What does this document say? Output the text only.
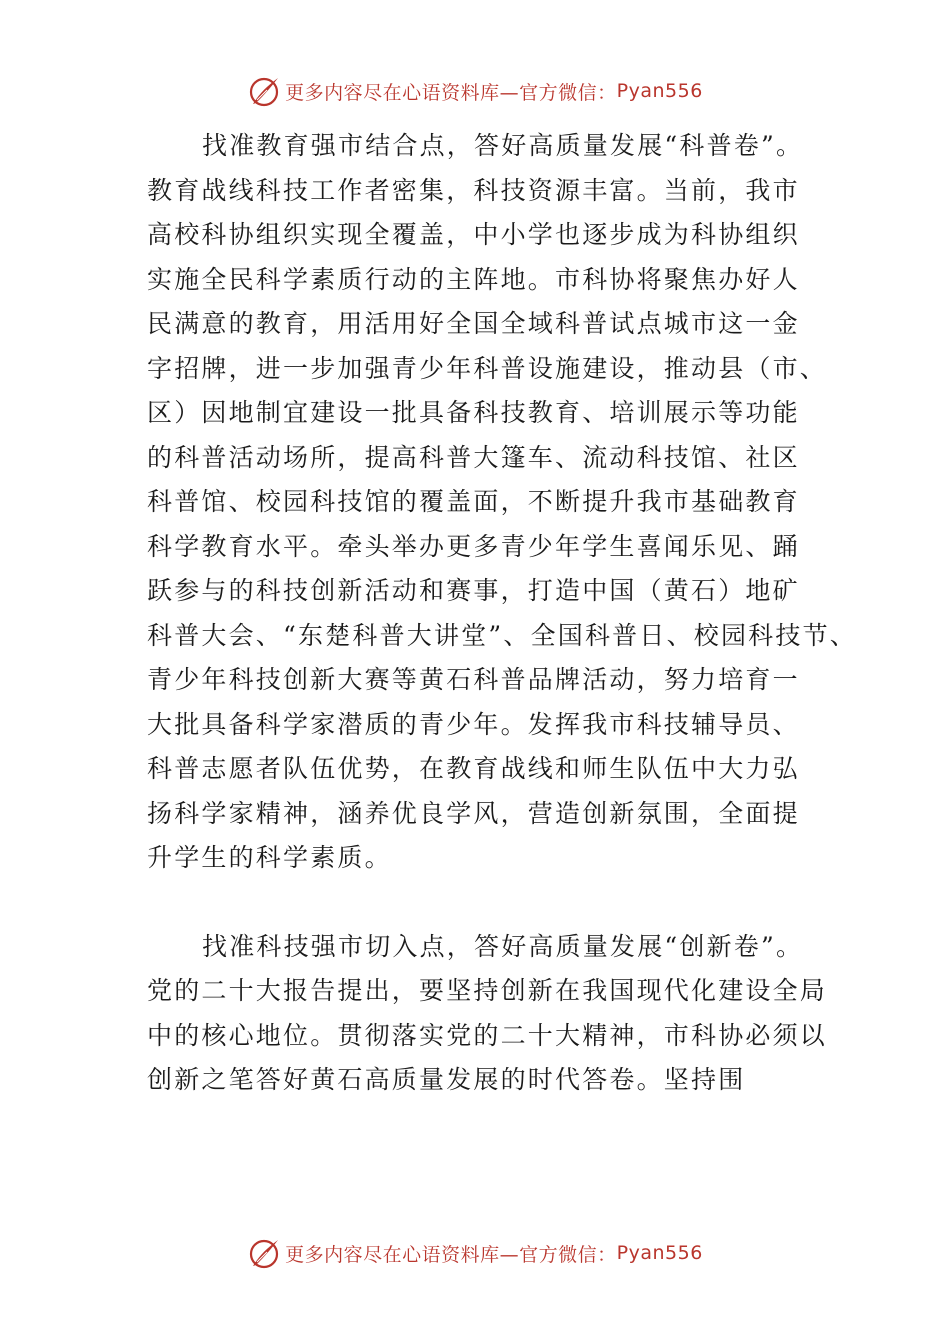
更多内容尽在心语资料库—官方微信： Pyan556
找准教育强市结合点，答好高质量发展“科普卷”。
教育战线科技工作者密集，科技资源丰富。当前，我市
高校科协组织实现全覆盖，中小学也逐步成为科协组织
实施全民科学素质行动的主阵地。市科协将聚焦办好人
民满意的教育，用活用好全国全域科普试点城市这一金
字招牌，进一步加强青少年科普设施建设，推动县（市、
区）因地制宜建设一批具备科技教育、培训展示等功能
的科普活动场所，提高科普大篷车、流动科技馆、社区
科普馆、校园科技馆的覆盖面，不断提升我市基础教育
科学教育水平。牵头举办更多青少年学生喜闻乐见、踊
跃参与的科技创新活动和赛事，打造中国（黄石）地矿
科普大会、“东楚科普大讲堂”、全国科普日、校园科技节、
青少年科技创新大赛等黄石科普品牌活动，努力培育一
大批具备科学家潜质的青少年。发挥我市科技辅导员、
科普志愿者队伍优势，在教育战线和师生队伍中大力弘
扬科学家精神，涵养优良学风，营造创新氛围，全面提
升学生的科学素质。
找准科技强市切入点，答好高质量发展“创新卷”。
党的二十大报告提出，要坚持创新在我国现代化建设全局
中的核心地位。贯彻落实党的二十大精神，市科协必须以
创新之笔答好黄石高质量发展的时代答卷。坚持围
更多内容尽在心语资料库—官方微信： Pyan556
